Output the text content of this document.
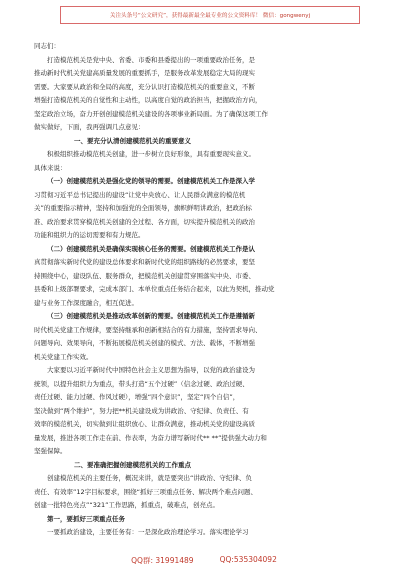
关注头条号“公文研究”，获得最新最全最专业的公文资料库！ 微信：gongwenyj
同志们：
打造模范机关是党中央、省委、市委和县委提出的一项重要政治任务，是
推动新时代机关党建高质量发展的重要抓手，是服务改革发展稳定大局的现实
需要。大家要从政治和全局的高度，充分认识打造模范机关的重要意义，不断
增强打造模范机关的自觉性和主动性，以高度自觉的政治担当，把握政治方向，
坚定政治立场，奋力开创创建模范机关建设的各项事业新局面。为了确保这项工作
做实做好，下面，我再强调几点意见：
一、要充分认清创建模范机关的重要意义
积极组织推动模范机关创建，进一步树立良好形象，具有重要现实意义。
具体来说：
（一）创建模范机关是强化党的领导的需要。创建模范机关工作是深入学
习贯彻习近平总书记提出的建设“让党中央放心、让人民群众满意的模范机
关”的重要指示精神，坚持和加强党的全面领导，旗帜鲜明讲政治，把政治标
准、政治要求贯穿模范机关创建的全过程、各方面，切实提升模范机关的政治
功能和组织力的运切需要和有力规范。
（二）创建模范机关是确保实现核心任务的需要。创建模范机关工作是认
真贯彻落实新时代党的建设总体要求和新时代党的组织路线的必然要求，要坚
持围绕中心，建设队伍、服务群众，把模范机关创建贯穿围落实中央、市委、
县委和上级部署要求，完成本部门、本单位重点任务结合起来，以此为契机，推动党
建与业务工作深度融合，相互促进。
（三）创建模范机关是推动改革创新的需要。创建模范机关工作是遵循新
时代机关党建工作规律，要坚持继承和创新相结合的有力措施，坚持需求导向、
问题导向、效果导向，不断拓展模范机关创建的模式、方法、载体，不断增强
机关党建工作实效。
大家要以习近平新时代中国特色社会主义思想为指导，以党的政治建设为
统领，以提升组织力为重点，带头打造“五个过硬”（信念过硬、政治过硬、
责任过硬、能力过硬、作风过硬），增强“四个意识”，坚定“四个自信”，
坚决做到“两个维护”，努力把**机关建设成为讲政治、守纪律、负责任、有
效率的模范机关，切实做到让组织放心、让群众满意，推动机关党的建设高质
量发展，推进各项工作走在前、作表率，为奋力谱写新时代** **”提供强大动力和
坚强保障。
二、要准确把握创建模范机关的工作重点
创建模范机关的主要任务，概况来讲，就是要突出“讲政治、守纪律、负
责任、有效率”12字目标要求，围绕“抓好三项重点任务、解决两个难点问题、
创建一批特色亮点”“321”工作思路，抓重点，破难点，创亮点。
第一，要抓好三项重点任务
一要抓政治建设，主要任务有：一是深化政治理论学习。落实理论学习
QQ群: 31991489	QQ:535304092
